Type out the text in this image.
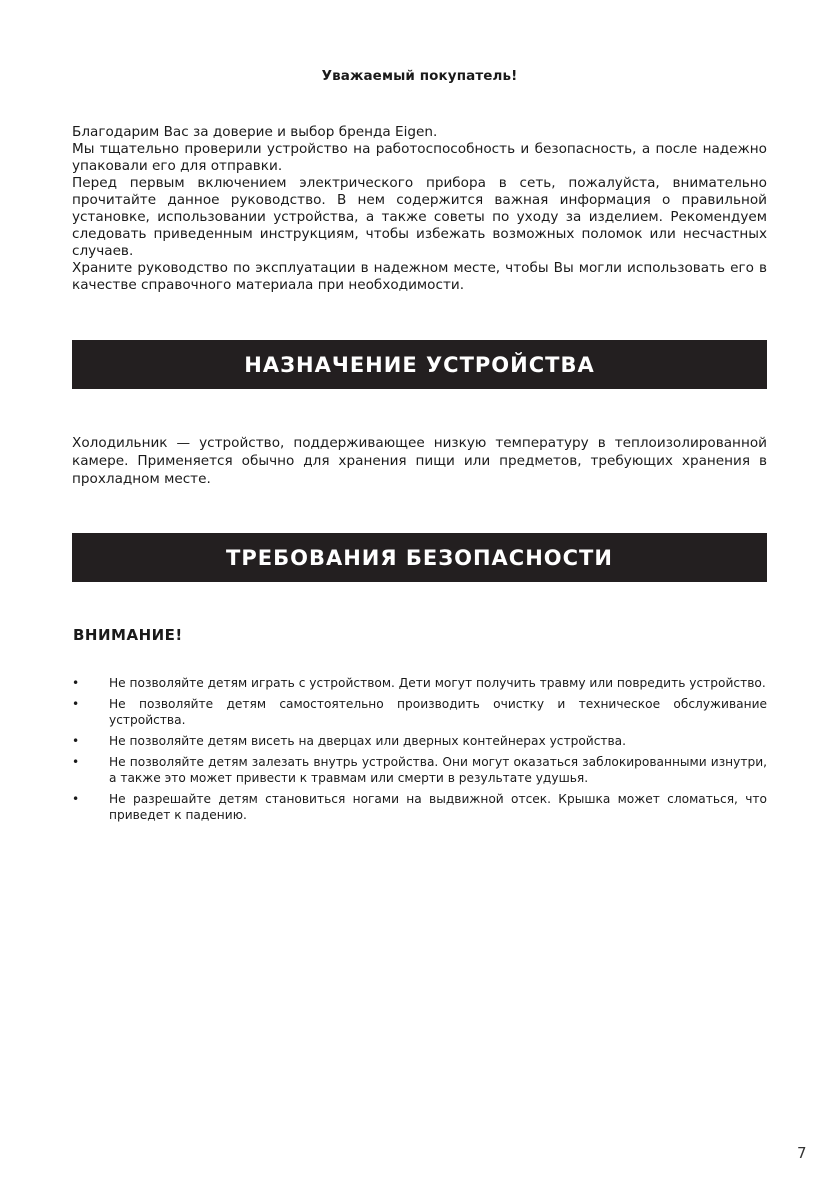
Уважаемый покупатель!

Благодарим Вас за доверие и выбор бренда Eigen.

Мы тщательно проверили устройство на работоспособность и безопасность, а после надежно упаковали его для отправки.

Перед первым включением электрического прибора в сеть, пожалуйста, внимательно прочитайте данное руководство. В нем содержится важная информация о правильной установке, использовании устройства, а также советы по уходу за изделием. Рекомендуем следовать приведенным инструкциям, чтобы избежать возможных поломок или несчастных случаев.

Храните руководство по эксплуатации в надежном месте, чтобы Вы могли использовать его в качестве справочного материала при необходимости.

НАЗНАЧЕНИЕ УСТРОЙСТВА

Холодильник — устройство, поддерживающее низкую температуру в теплоизолированной камере. Применяется обычно для хранения пищи или предметов, требующих хранения в прохладном месте.

ТРЕБОВАНИЯ БЕЗОПАСНОСТИ
ВНИМАНИЕ!
• Не позволяйте детям играть с устройством. Дети могут получить травму или повредить устройство.
• Не позволяйте детям самостоятельно производить очистку и техническое обслуживание устройства.
• Не позволяйте детям висеть на дверцах или дверных контейнерах устройства.
• Не позволяйте детям залезать внутрь устройства. Они могут оказаться заблокированными изнутри, а также это может привести к травмам или смерти в результате удушья.
• Не разрешайте детям становиться ногами на выдвижной отсек. Крышка может сломаться, что приведет к падению.
7
